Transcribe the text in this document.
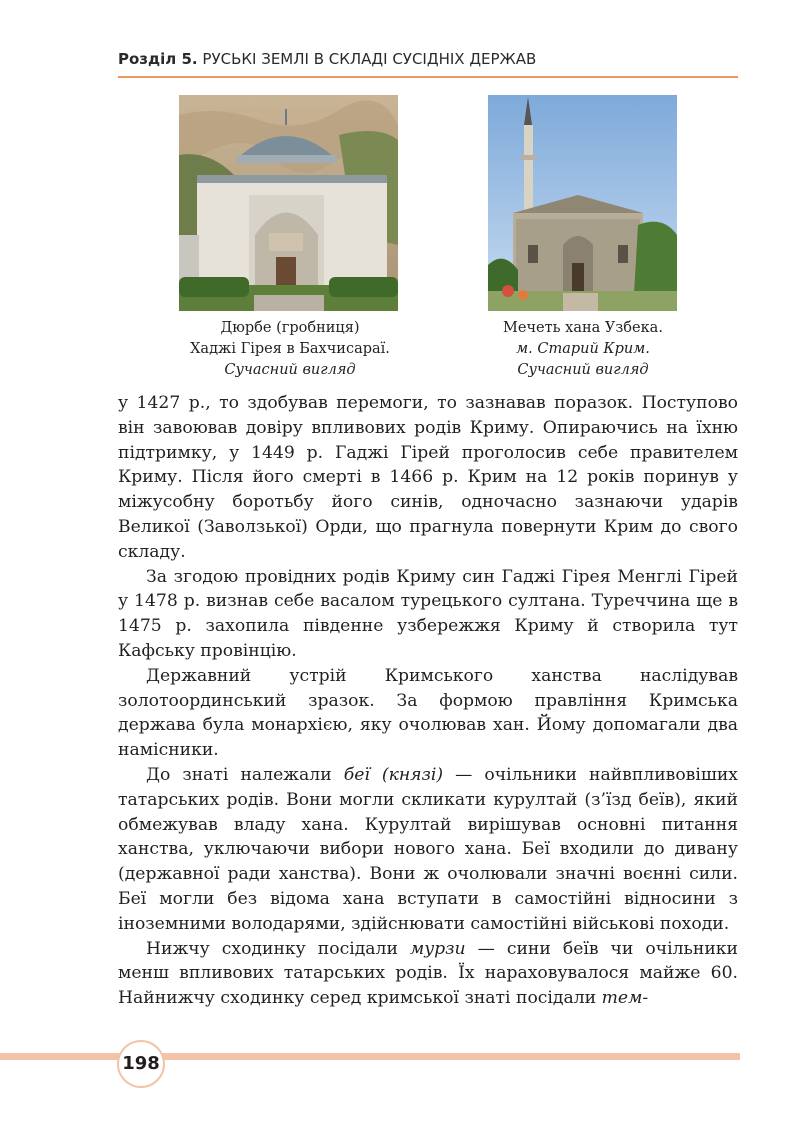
Розділ 5. РУСЬКІ ЗЕМЛІ В СКЛАДІ СУСІДНІХ ДЕРЖАВ
Дюрбе (гробниця)
Хаджі Гірея в Бахчисараї.
Сучасний вигляд
Мечеть хана Узбека.
м. Старий Крим.
Сучасний вигляд

у 1427 р., то здобував перемоги, то зазнавав поразок. Поступово він завоював довіру впливових родів Криму. Опираючись на їхню підтримку, у 1449 р. Гаджі Гірей проголосив себе правителем Криму. Після його смерті в 1466 р. Крим на 12 років поринув у міжусобну боротьбу його синів, одночасно зазнаючи ударів Великої (Заволзької) Орди, що прагнула повернути Крим до свого складу.

За згодою провідних родів Криму син Гаджі Гірея Менглі Гірей у 1478 р. визнав себе васалом турецького султана. Туреччина ще в 1475 р. захопила південне узбережжя Криму й створила тут Кафську провінцію.

Державний устрій Кримського ханства наслідував золотоординський зразок. За формою правління Кримська держава була монархією, яку очолював хан. Йому допомагали два намісники.

До знаті належали беї (князі) — очільники найвпливовіших татарських родів. Вони могли скликати курултай (з’їзд беїв), який обмежував владу хана. Курултай вирішував основні питання ханства, уключаючи вибори нового хана. Беї входили до дивану (державної ради ханства). Вони ж очолювали значні воєнні сили. Беї могли без відома хана вступати в самостійні відносини з іноземними володарями, здійснювати самостійні військові походи.

Нижчу сходинку посідали мурзи — сини беїв чи очільники менш впливових татарських родів. Їх нараховувалося майже 60. Найнижчу сходинку серед кримської знаті посідали тем-

198
